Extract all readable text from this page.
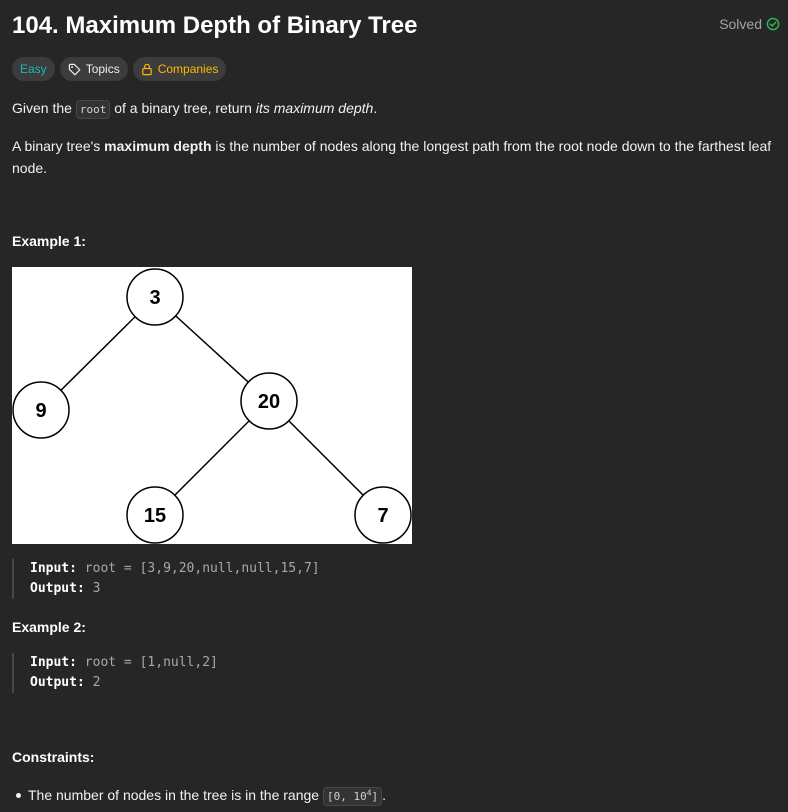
104. Maximum Depth of Binary Tree	Solved
Easy	Topics	Companies

Given the root of a binary tree, return its maximum depth.

A binary tree's maximum depth is the number of nodes along the longest path from the root node down to the farthest leaf node.

Example 1:
3
9	20
15	7
Input: root = [3,9,20,null,null,15,7]
Output: 3
Example 2:
Input: root = [1,null,2]
Output: 2
Constraints:
The number of nodes in the tree is in the range [0, $10^4$] .
